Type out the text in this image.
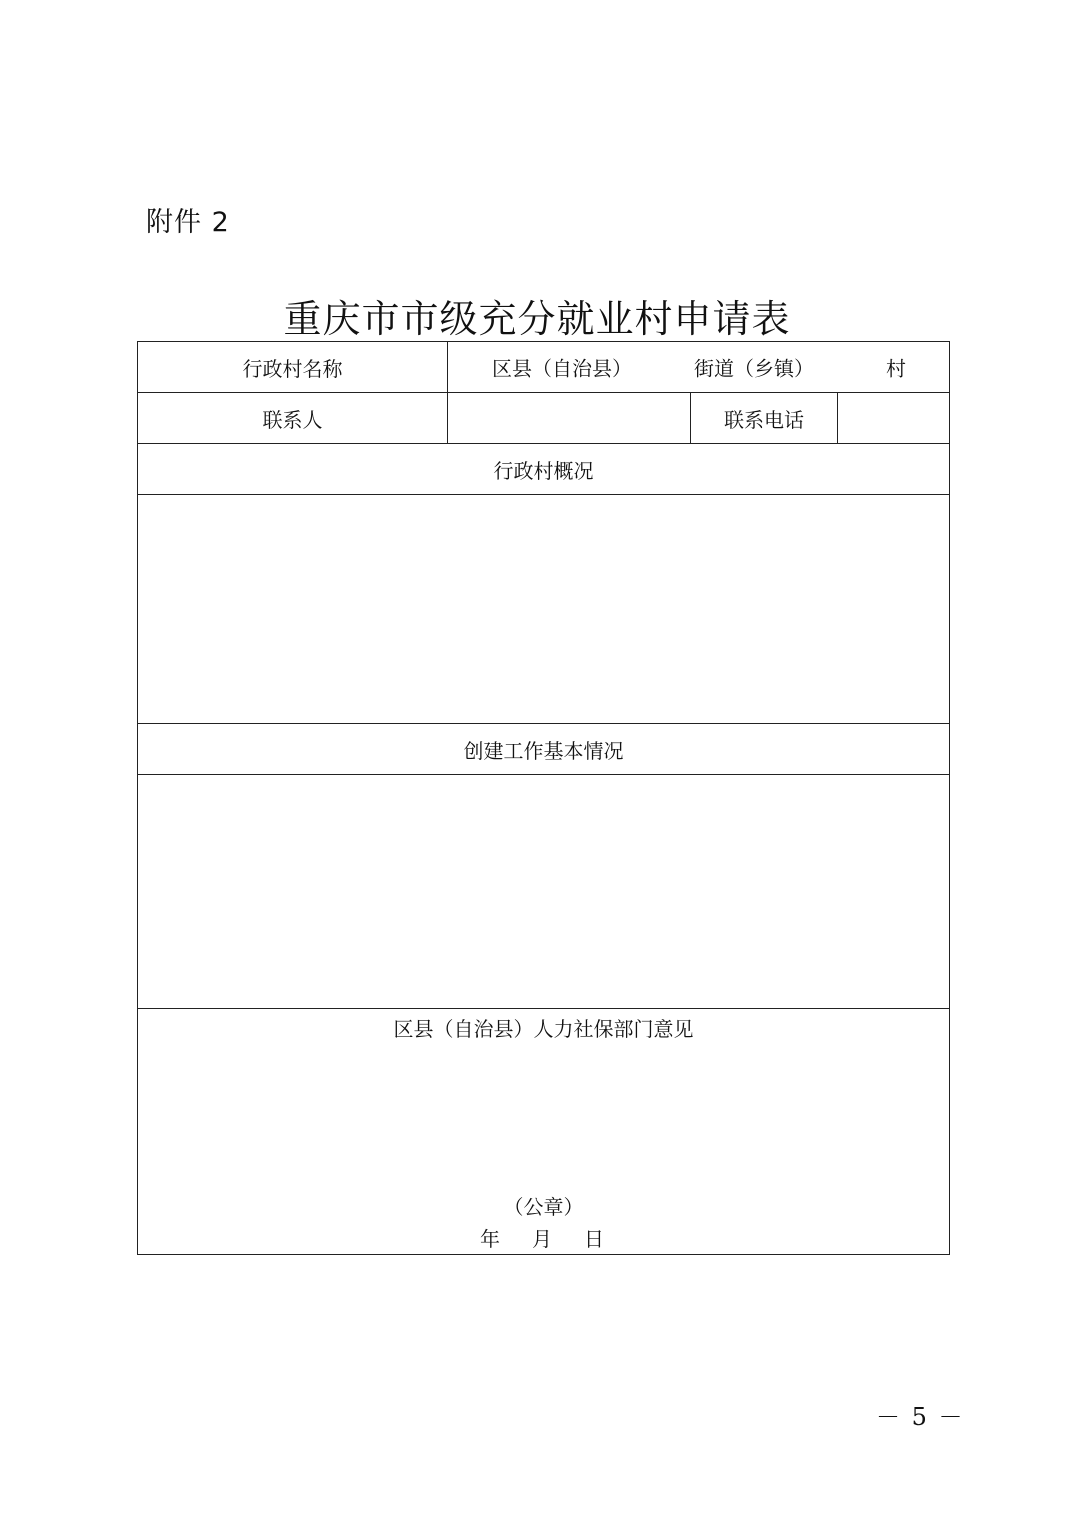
附件 2
重庆市市级充分就业村申请表
行政村名称	区县（自治县） 街道（乡镇） 村		

联系人		联系电话	
行政村概况			

创建工作基本情况			

区县（自治县）人力社保部门意见
（公章）
年 月 日			
－ 5 －
